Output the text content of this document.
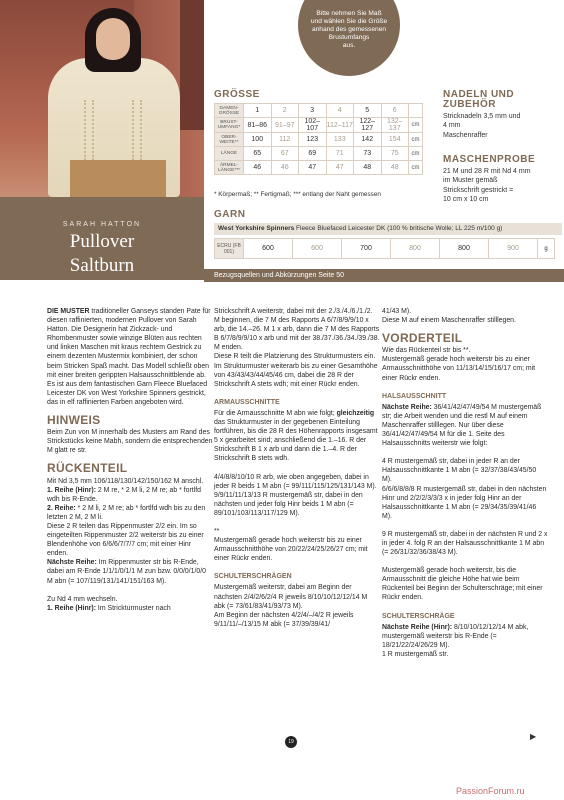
SARAH HATTON
Pullover
Saltburn
Bitte nehmen Sie Maß
und wählen Sie die Größe
anhand des gemessenen
Brustumfangs
aus.
GRÖSSE
DAMEN-GRÖSSE	1	2	3	4	5	6	
BRUST-UMFANG*	81–86	91–97	102–107	112–117	122–127	132–137	cm
OBER-WEITE**	100	112	123	133	142	154	cm
LÄNGE	65	67	69	71	73	75	cm
ÄRMEL-LÄNGE***	46	46	47	47	48	48	cm
* Körpermaß; ** Fertigmaß; *** entlang der Naht gemessen
NADELN UND
ZUBEHÖR
Stricknadeln 3,5 mm und
4 mm
Maschenraffer
MASCHENPROBE
21 M und 28 R mit Nd 4 mm
im Muster gemäß
Strickschrift gestrickt =
10 cm x 10 cm
GARN
West Yorkshire Spinners Fleece Bluefaced Leicester DK (100 % britische Wolle; LL 225 m/100 g)
ECRU (FB 001)	600	600	700	800	800	900	g
Bezugsquellen und Abkürzungen Seite 50

DIE MUSTER traditioneller Ganseys standen Pate für diesen raffinierten, modernen Pullover von Sarah Hatton. Die Designerin hat Zickzack- und Rhombenmuster sowie winzige Blüten aus rechten und linken Maschen mit kraus rechtem Gestrick zu einem dezenten Mustermix kombiniert, der schon beim Stricken Spaß macht. Das Modell schließt oben mit einer breiten gerippten Halsausschnittblende ab. Es ist aus dem fantastischen Garn Fleece Bluefaced Leicester DK von West Yorkshire Spinners gestrickt, das in elf raffinierten Farben angeboten wird.

HINWEIS

Beim Zun von M innerhalb des Musters am Rand des Strickstücks keine Mabh, sondern die entsprechenden M glatt re str.

RÜCKENTEIL

Mit Nd 3,5 mm 106/118/130/142/150/162 M anschl.
1. Reihe (Hinr): 2 M re, * 2 M li, 2 M re; ab * fortlfd wdh bis R-Ende.
2. Reihe: * 2 M li, 2 M re; ab * fortlfd wdh bis zu den letzten 2 M, 2 M li.
Diese 2 R teilen das Rippenmuster 2/2 ein. Im so eingeteilten Rippenmuster 2/2 weiterstr bis zu einer Blendenhöhe von 6/6/6/7/7/7 cm; mit einer Hinr enden.
Nächste Reihe: Im Rippenmuster str bis R-Ende, dabei am R-Ende 1/1/1/0/1/1 M zun bzw. 0/0/0/1/0/0 M abn (= 107/119/131/141/151/163 M).

Zu Nd 4 mm wechseln.
1. Reihe (Hinr): Im Strickturmuster nach

Strickschrift A weiterstr, dabei mit der 2./3./4./6./1./2. M beginnen, die 7 M des Rapports A 6/7/8/9/9/10 x arb, die 14.–26. M 1 x arb, dann die 7 M des Rapports B 6/7/8/9/9/10 x arb und mit der 38./37./36./34./39./38. M enden.
Diese R teilt die Platzierung des Strukturmusters ein.
Im Strukturmuster weiterarb bis zu einer Gesamthöhe von 43/43/43/44/45/46 cm, dabei die 28 R der Strickschrift A stets wdh; mit einer Rückr enden.

ARMAUSSCHNITTE

Für die Armausschnitte M abn wie folgt; gleichzeitig das Strukturmuster in der gegebenen Einteilung fortführen, bis die 28 R des Höhenrapports insgesamt 5 x gearbeitet sind; anschließend die 1.–16. R der Strickschrift B 1 x arb und dann die 1.–4. R der Strickschrift B stets wdh.

4/4/8/8/10/10 R arb, wie oben angegeben, dabei in jeder R beids 1 M abn (= 99/111/115/125/131/143 M).
9/9/11/11/13/13 R mustergemäß str, dabei in den nächsten und jeder folg Hinr beids 1 M abn (= 89/101/103/113/117/129 M).

**
Mustergemäß gerade hoch weiterstr bis zu einer Armausschnitthöhe von 20/22/24/25/26/27 cm; mit einer Rückr enden.

SCHULTERSCHRÄGEN

Mustergemäß weiterstr, dabei am Beginn der nächsten 2/4/2/6/2/4 R jeweils 8/10/10/12/12/14 M abk (= 73/61/83/41/93/73 M).
Am Beginn der nächsten 4/2/4/–/4/2 R jeweils 9/11/11/–/13/15 M abk (= 37/39/39/41/

41/43 M).
Diese M auf einem Maschenraffer stilllegen.

VORDERTEIL

Wie das Rückenteil str bis **.
Mustergemäß gerade hoch weiterstr bis zu einer Armausschnitthöhe von 11/13/14/15/16/17 cm; mit einer Rückr enden.

HALSAUSSCHNITT

Nächste Reihe: 36/41/42/47/49/54 M mustergemäß str; die Arbeit wenden und die restl M auf einem Maschenraffer stilllegen. Nur über diese 36/41/42/47/49/54 M für die 1. Seite des Halsausschnitts weiterstr wie folgt:

4 R mustergemäß str, dabei in jeder R an der Halsausschnittkante 1 M abn (= 32/37/38/43/45/50 M).
6/6/6/8/8/8 R mustergemäß str, dabei in den nächsten Hinr und 2/2/2/3/3/3 x in jeder folg Hinr an der Halsausschnittkante 1 M abn (= 29/34/35/39/41/46 M).

9 R mustergemäß str, dabei in der nächsten R und 2 x in jeder 4. folg R an der Halsausschnittkante 1 M abn (= 26/31/32/36/38/43 M).

Mustergemäß gerade hoch weiterstr, bis die Armausschnitt die gleiche Höhe hat wie beim Rückenteil bei Beginn der Schulterschräge; mit einer Rückr enden.

SCHULTERSCHRÄGE

Nächste Reihe (Hinr): 8/10/10/12/12/14 M abk, mustergemäß weiterstr bis R-Ende (= 18/21/22/24/26/29 M).
1 R mustergemäß str.

▶
19
PassionForum.ru
